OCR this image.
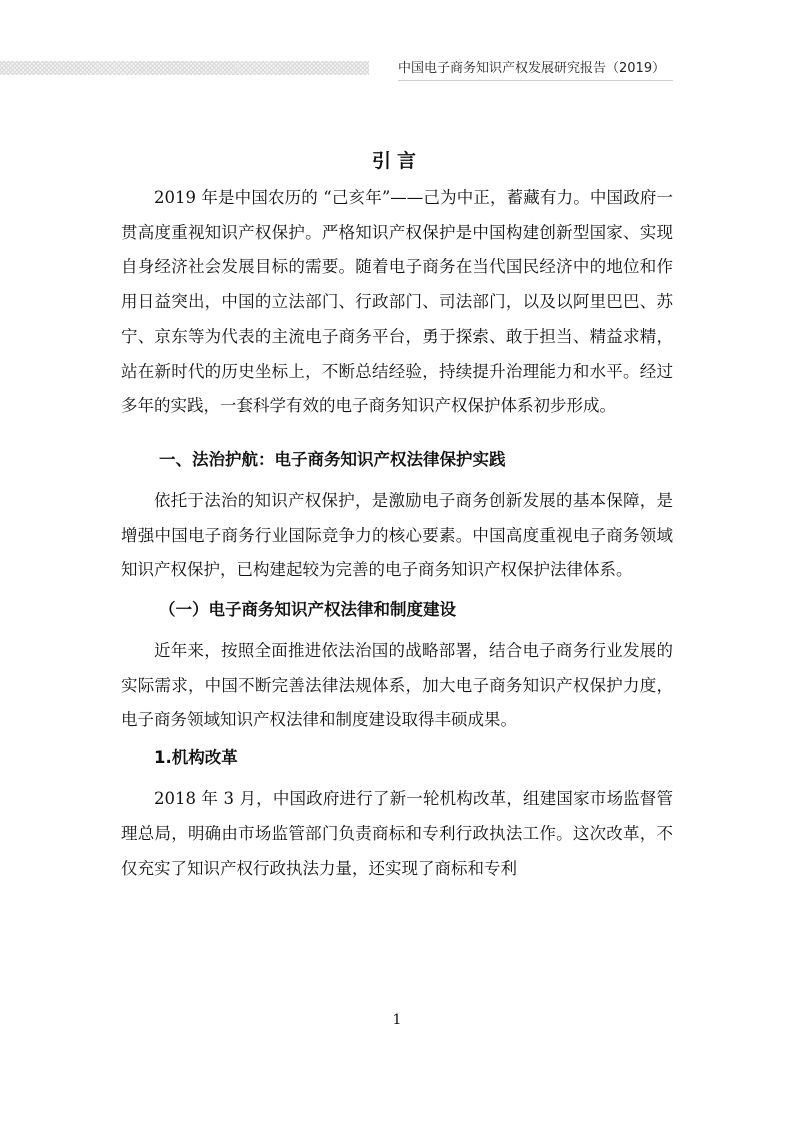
中国电子商务知识产权发展研究报告（2019）
引言

2019 年是中国农历的 “己亥年”——己为中正，蓄藏有力。中国政府一贯高度重视知识产权保护。严格知识产权保护是中国构建创新型国家、实现自身经济社会发展目标的需要。随着电子商务在当代国民经济中的地位和作用日益突出，中国的立法部门、行政部门、司法部门，以及以阿里巴巴、苏宁、京东等为代表的主流电子商务平台，勇于探索、敢于担当、精益求精，站在新时代的历史坐标上，不断总结经验，持续提升治理能力和水平。经过多年的实践，一套科学有效的电子商务知识产权保护体系初步形成。

一、法治护航：电子商务知识产权法律保护实践

依托于法治的知识产权保护，是激励电子商务创新发展的基本保障，是增强中国电子商务行业国际竞争力的核心要素。中国高度重视电子商务领域知识产权保护，已构建起较为完善的电子商务知识产权保护法律体系。

（一）电子商务知识产权法律和制度建设

近年来，按照全面推进依法治国的战略部署，结合电子商务行业发展的实际需求，中国不断完善法律法规体系，加大电子商务知识产权保护力度，电子商务领域知识产权法律和制度建设取得丰硕成果。

1.机构改革

2018 年 3 月，中国政府进行了新一轮机构改革，组建国家市场监督管理总局，明确由市场监管部门负责商标和专利行政执法工作。这次改革，不仅充实了知识产权行政执法力量，还实现了商标和专利

1
